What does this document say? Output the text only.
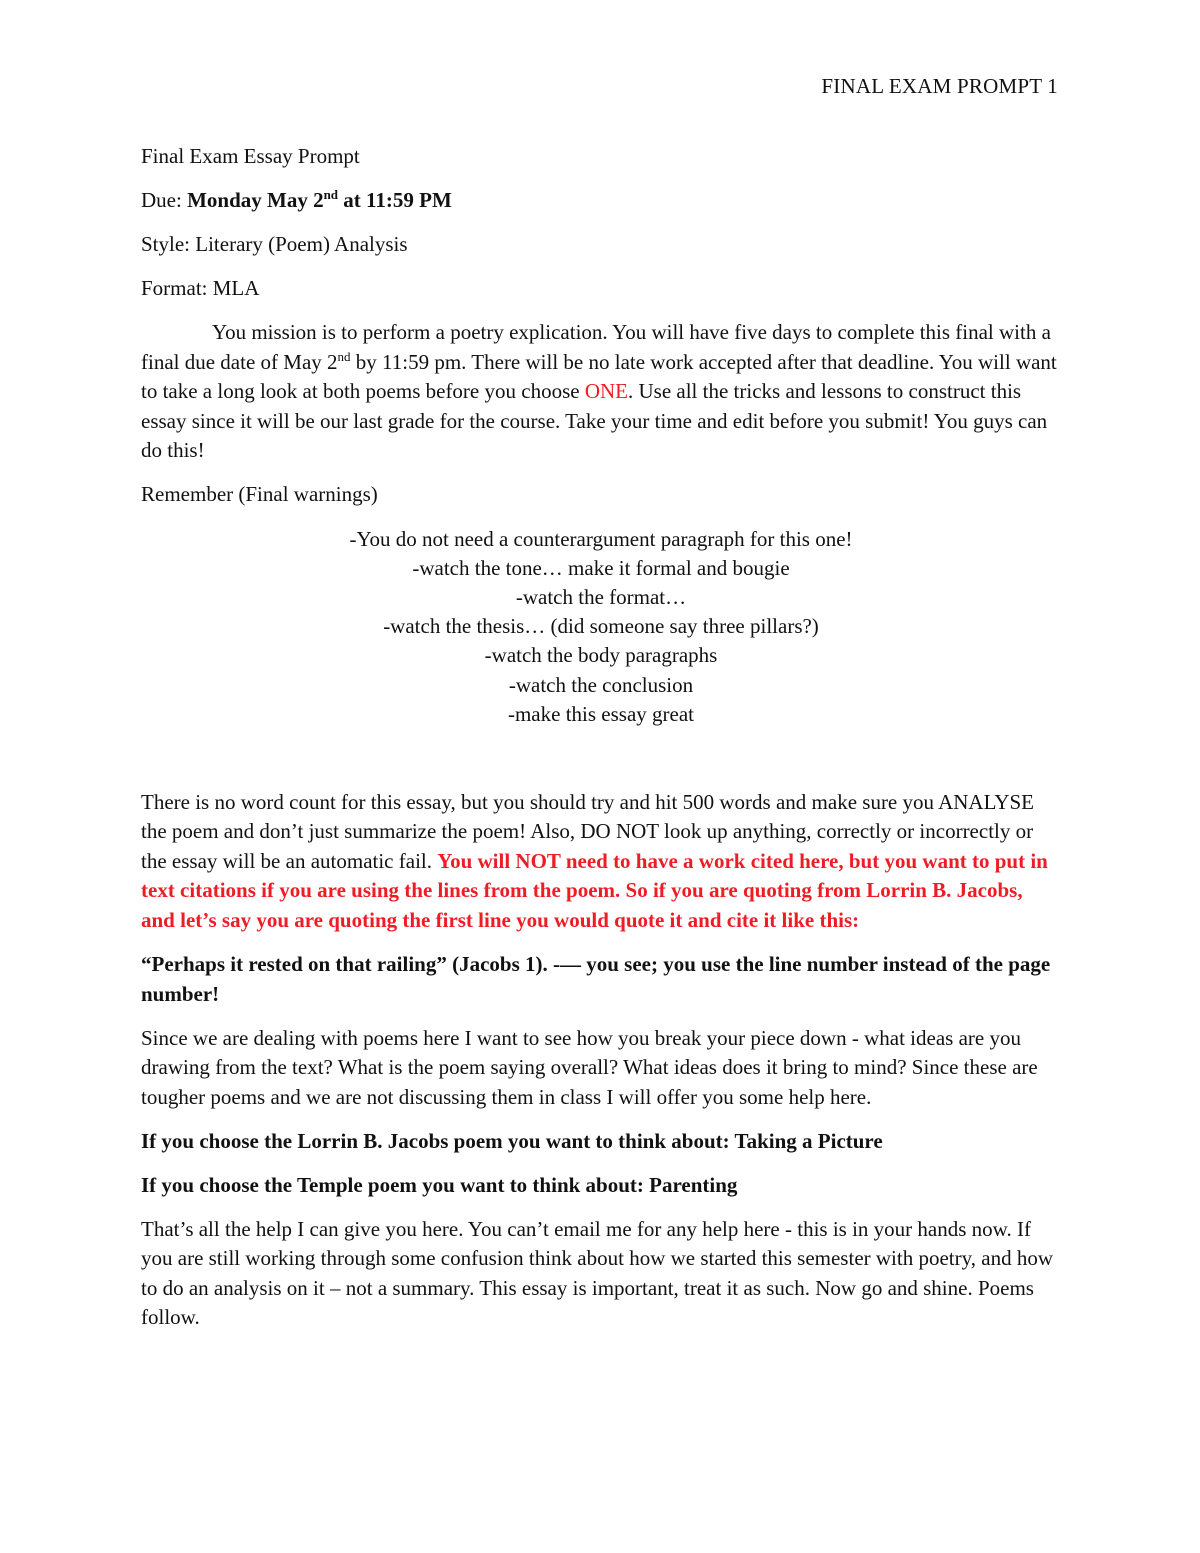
FINAL EXAM PROMPT 1

Final Exam Essay Prompt

Due: Monday May 2nd at 11:59 PM

Style: Literary (Poem) Analysis

Format: MLA

You mission is to perform a poetry explication. You will have five days to complete this final with a final due date of May 2nd by 11:59 pm. There will be no late work accepted after that deadline. You will want to take a long look at both poems before you choose ONE. Use all the tricks and lessons to construct this essay since it will be our last grade for the course. Take your time and edit before you submit! You guys can do this!

Remember (Final warnings)

-You do not need a counterargument paragraph for this one!
-watch the tone… make it formal and bougie
-watch the format…
-watch the thesis… (did someone say three pillars?)
-watch the body paragraphs
-watch the conclusion
-make this essay great

There is no word count for this essay, but you should try and hit 500 words and make sure you ANALYSE the poem and don’t just summarize the poem! Also, DO NOT look up anything, correctly or incorrectly or the essay will be an automatic fail. You will NOT need to have a work cited here, but you want to put in text citations if you are using the lines from the poem. So if you are quoting from Lorrin B. Jacobs, and let’s say you are quoting the first line you would quote it and cite it like this:

“Perhaps it rested on that railing” (Jacobs 1). -— you see; you use the line number instead of the page number!

Since we are dealing with poems here I want to see how you break your piece down - what ideas are you drawing from the text? What is the poem saying overall? What ideas does it bring to mind? Since these are tougher poems and we are not discussing them in class I will offer you some help here.

If you choose the Lorrin B. Jacobs poem you want to think about: Taking a Picture

If you choose the Temple poem you want to think about: Parenting

That’s all the help I can give you here. You can’t email me for any help here - this is in your hands now. If you are still working through some confusion think about how we started this semester with poetry, and how to do an analysis on it – not a summary. This essay is important, treat it as such. Now go and shine. Poems follow.
